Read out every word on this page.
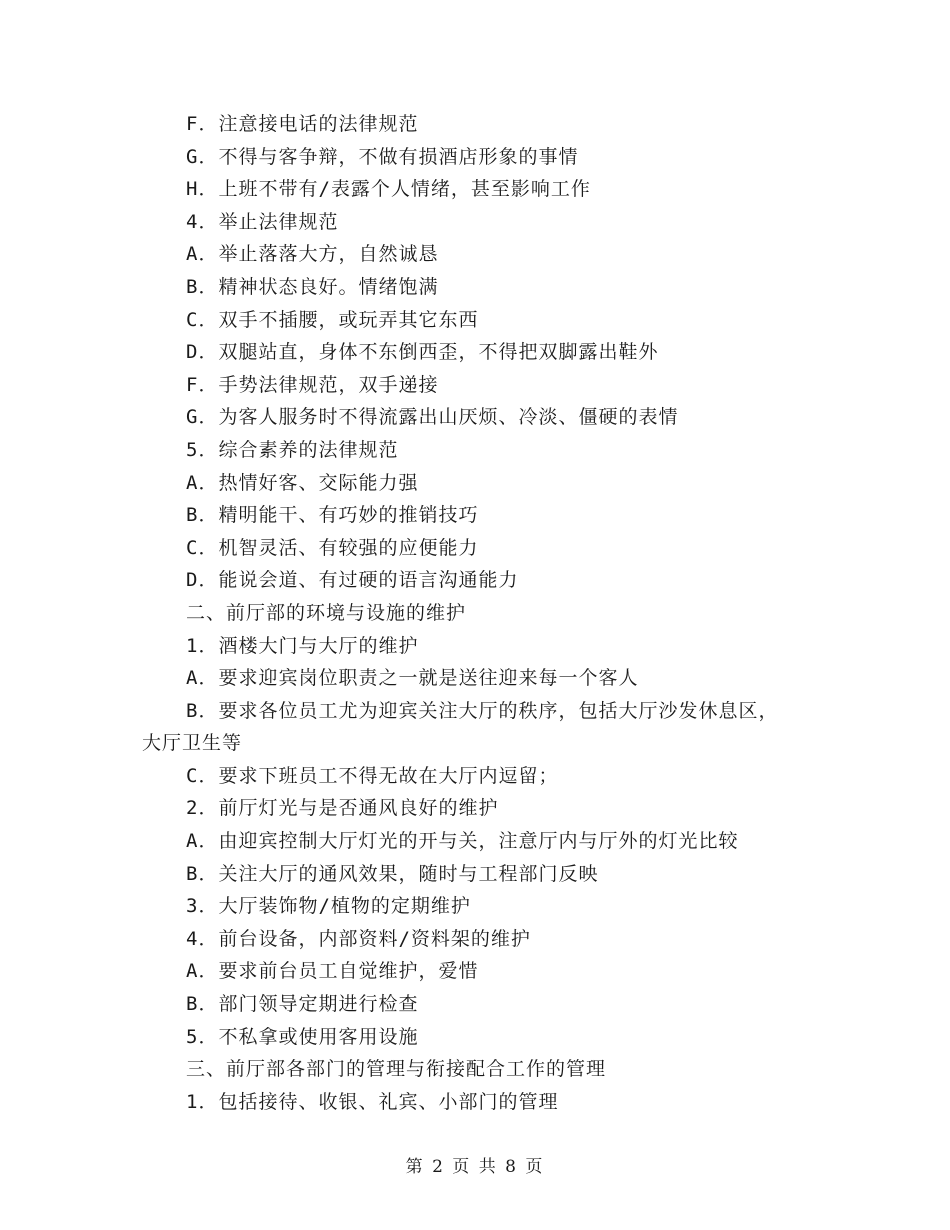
F．注意接电话的法律规范
G．不得与客争辩，不做有损酒店形象的事情
H．上班不带有/表露个人情绪，甚至影响工作
4．举止法律规范
A．举止落落大方，自然诚恳
B．精神状态良好。情绪饱满
C．双手不插腰，或玩弄其它东西
D．双腿站直，身体不东倒西歪，不得把双脚露出鞋外
F．手势法律规范，双手递接
G．为客人服务时不得流露出山厌烦、冷淡、僵硬的表情
5．综合素养的法律规范
A．热情好客、交际能力强
B．精明能干、有巧妙的推销技巧
C．机智灵活、有较强的应便能力
D．能说会道、有过硬的语言沟通能力
二、前厅部的环境与设施的维护
1．酒楼大门与大厅的维护
A．要求迎宾岗位职责之一就是送往迎来每一个客人
B．要求各位员工尤为迎宾关注大厅的秩序，包括大厅沙发休息区，
大厅卫生等
C．要求下班员工不得无故在大厅内逗留；
2．前厅灯光与是否通风良好的维护
A．由迎宾控制大厅灯光的开与关，注意厅内与厅外的灯光比较
B．关注大厅的通风效果，随时与工程部门反映
3．大厅装饰物/植物的定期维护
4．前台设备，内部资料/资料架的维护
A．要求前台员工自觉维护，爱惜
B．部门领导定期进行检查
5．不私拿或使用客用设施
三、前厅部各部门的管理与衔接配合工作的管理
1．包括接待、收银、礼宾、小部门的管理
第 2 页 共 8 页
